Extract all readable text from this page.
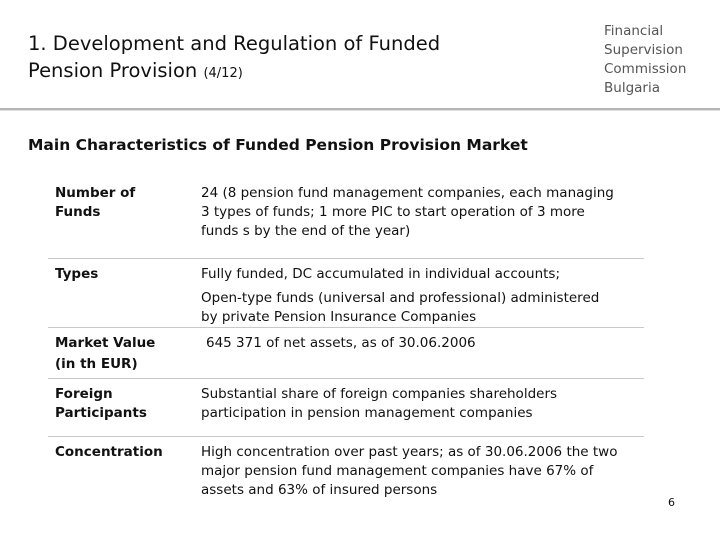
1. Development and Regulation of Funded
Pension Provision (4/12)
Financial
Supervision
Commission
Bulgaria
Main Characteristics of Funded Pension Provision Market
Number of
Funds
24 (8 pension fund management companies, each managing
3 types of funds; 1 more PIC to start operation of 3 more
funds s by the end of the year)
Types	Fully funded, DC accumulated in individual accounts;
Open-type funds (universal and professional) administered
by private Pension Insurance Companies
Market Value
(in th EUR)
645 371 of net assets, as of 30.06.2006
Foreign
Participants
Substantial share of foreign companies shareholders
participation in pension management companies
Concentration	High concentration over past years; as of 30.06.2006 the two
major pension fund management companies have 67% of
assets and 63% of insured persons
6
